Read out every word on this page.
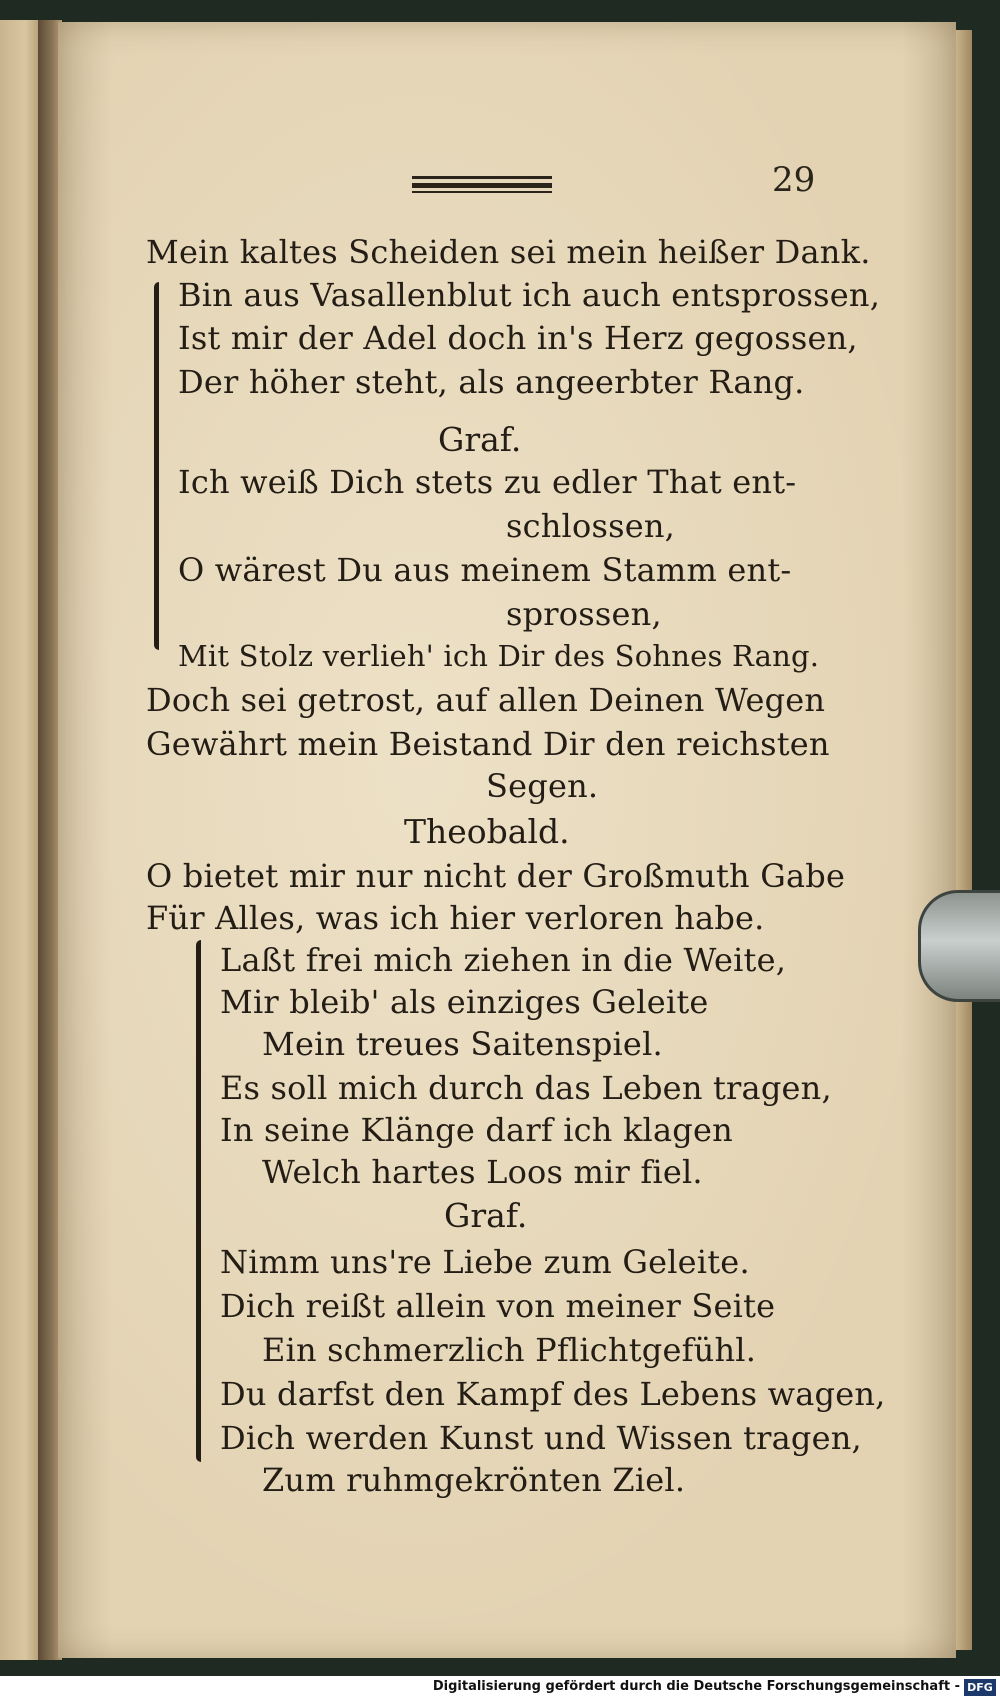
29
Mein kaltes Scheiden sei mein heißer Dank.
Bin aus Vasallenblut ich auch entsprossen,
Ist mir der Adel doch in's Herz gegossen,
Der höher steht, als angeerbter Rang.
Graf.
Ich weiß Dich stets zu edler That ent-
schlossen,
O wärest Du aus meinem Stamm ent-
sprossen,
Mit Stolz verlieh' ich Dir des Sohnes Rang.
Doch sei getrost, auf allen Deinen Wegen
Gewährt mein Beistand Dir den reichsten
Segen.
Theobald.
O bietet mir nur nicht der Großmuth Gabe
Für Alles, was ich hier verloren habe.
Laßt frei mich ziehen in die Weite,
Mir bleib' als einziges Geleite
Mein treues Saitenspiel.
Es soll mich durch das Leben tragen,
In seine Klänge darf ich klagen
Welch hartes Loos mir fiel.
Graf.
Nimm uns're Liebe zum Geleite.
Dich reißt allein von meiner Seite
Ein schmerzlich Pflichtgefühl.
Du darfst den Kampf des Lebens wagen,
Dich werden Kunst und Wissen tragen,
Zum ruhmgekrönten Ziel.
Digitalisierung gefördert durch die Deutsche Forschungsgemeinschaft - DFG
